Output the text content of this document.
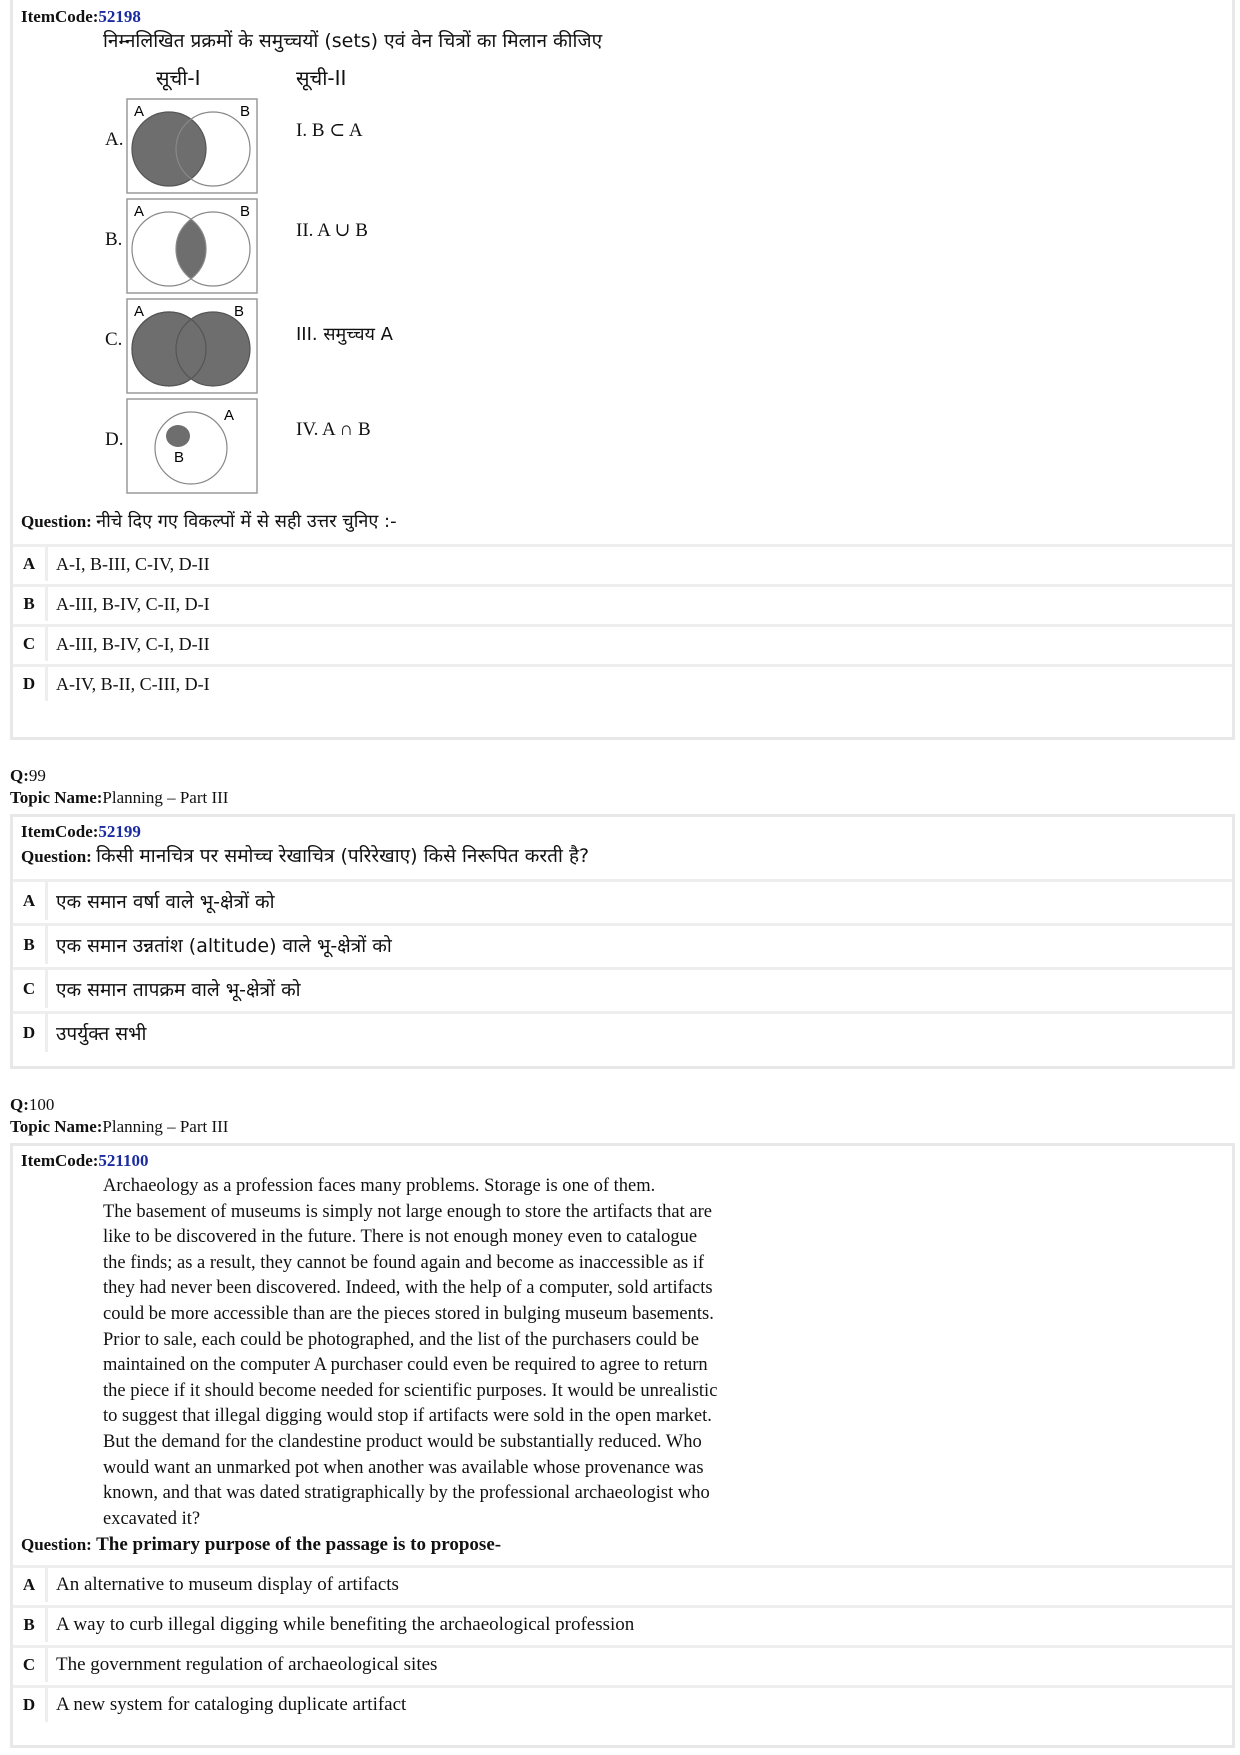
ItemCode:52198
निम्नलिखित प्रक्रमों के समुच्चयों (sets) एवं वेन चित्रों का मिलान कीजिए
सूची-I	सूची-II
A.
A	B
I. B ⊂ A
B.
A	B
II. A ∪ B
C.
A	B
III. समुच्चय A
D.
A
B
IV. A ∩ B
Question: नीचे दिए गए विकल्पों में से सही उत्तर चुनिए :-
A	A-I, B-III, C-IV, D-II
B	A-III, B-IV, C-II, D-I
C	A-III, B-IV, C-I, D-II
D	A-IV, B-II, C-III, D-I
Q:99
Topic Name:Planning – Part III
ItemCode:52199
Question: किसी मानचित्र पर समोच्च रेखाचित्र (परिरेखाए) किसे निरूपित करती है?
A	एक समान वर्षा वाले भू-क्षेत्रों को
B	एक समान उन्नतांश (altitude) वाले भू-क्षेत्रों को
C	एक समान तापक्रम वाले भू-क्षेत्रों को
D	उपर्युक्त सभी
Q:100
Topic Name:Planning – Part III
ItemCode:521100

Archaeology as a profession faces many problems. Storage is one of them.

The basement of museums is simply not large enough to store the artifacts that are

like to be discovered in the future. There is not enough money even to catalogue

the finds; as a result, they cannot be found again and become as inaccessible as if

they had never been discovered. Indeed, with the help of a computer, sold artifacts

could be more accessible than are the pieces stored in bulging museum basements.

Prior to sale, each could be photographed, and the list of the purchasers could be

maintained on the computer A purchaser could even be required to agree to return

the piece if it should become needed for scientific purposes. It would be unrealistic

to suggest that illegal digging would stop if artifacts were sold in the open market.

But the demand for the clandestine product would be substantially reduced. Who

would want an unmarked pot when another was available whose provenance was

known, and that was dated stratigraphically by the professional archaeologist who

excavated it?

Question: The primary purpose of the passage is to propose-
A	An alternative to museum display of artifacts
B	A way to curb illegal digging while benefiting the archaeological profession
C	The government regulation of archaeological sites
D	A new system for cataloging duplicate artifact
